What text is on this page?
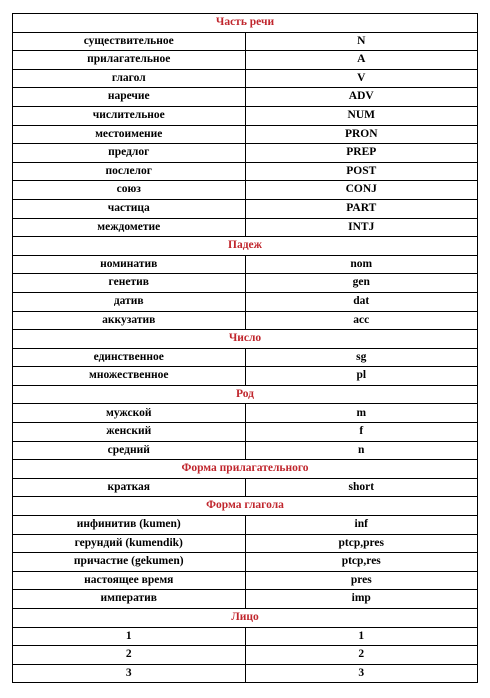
Часть речи	
существительное	N
прилагательное	A
глагол	V
наречие	ADV
числительное	NUM
местоимение	PRON
предлог	PREP
послелог	POST
союз	CONJ
частица	PART
междометие	INTJ
Падеж	
номинатив	nom
генетив	gen
датив	dat
аккузатив	acc
Число	
единственное	sg
множественное	pl
Род	
мужской	m
женский	f
средний	n
Форма прилагательного	
краткая	short
Форма глагола	
инфинитив (kumen)	inf
герундий (kumendik)	ptcp,pres
причастие (gekumen)	ptcp,res
настоящее время	pres
императив	imp
Лицо	
1	1
2	2
3	3
